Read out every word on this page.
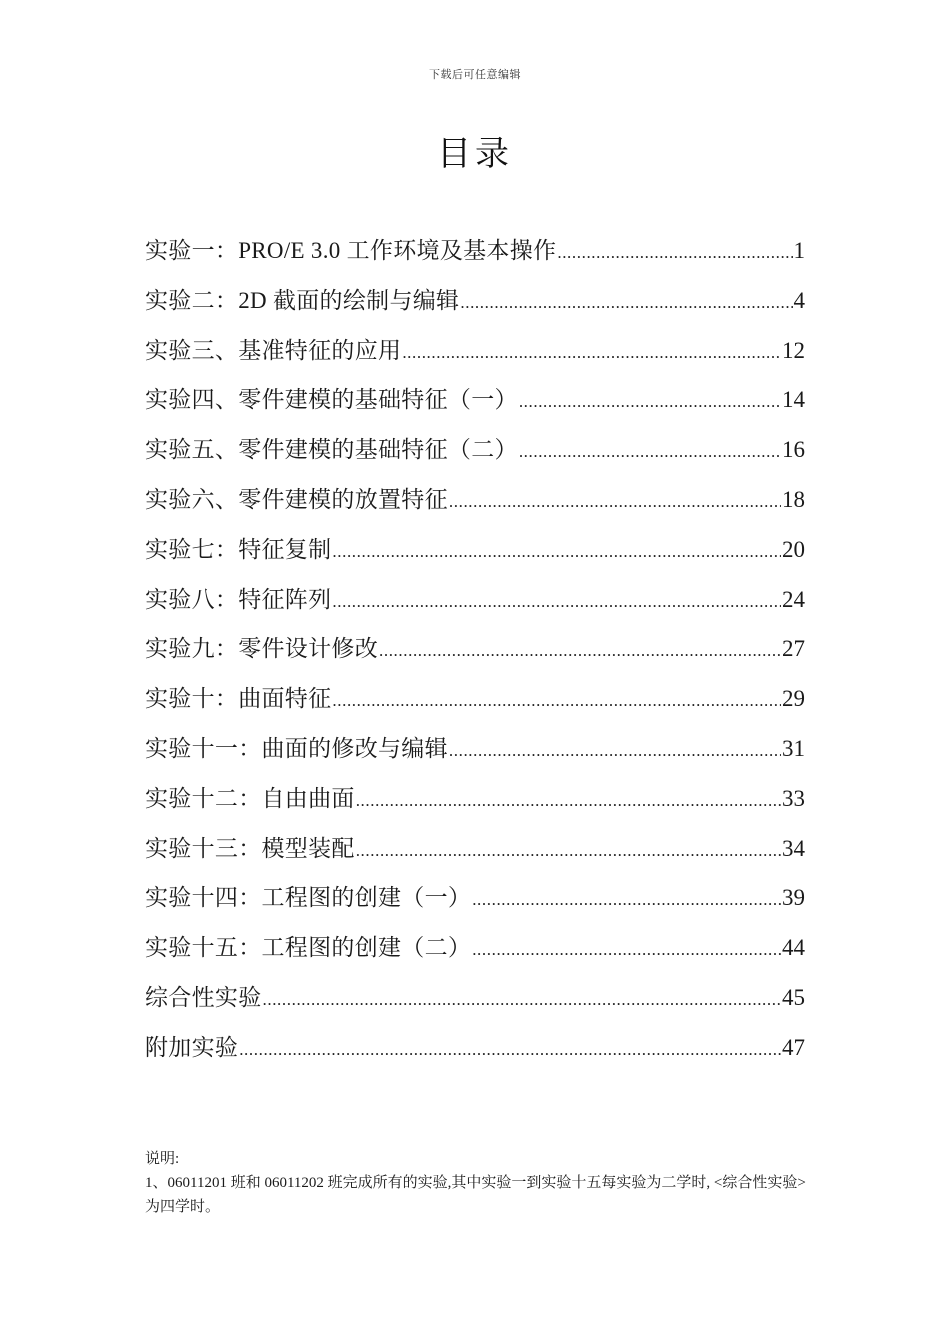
下载后可任意编辑
目录
实验一：PRO/E 3.0 工作环境及基本操作 .....	1
实验二：2D 截面的绘制与编辑 .....	4
实验三、基准特征的应用 .....	12
实验四、零件建模的基础特征（一） .....	14
实验五、零件建模的基础特征（二） .....	16
实验六、零件建模的放置特征 .....	18
实验七：特征复制 .....	20
实验八：特征阵列 .....	24
实验九：零件设计修改 .....	27
实验十：曲面特征 .....	29
实验十一：曲面的修改与编辑 .....	31
实验十二：自由曲面 .....	33
实验十三：模型装配 .....	34
实验十四：工程图的创建（一） .....	39
实验十五：工程图的创建（二） .....	44
综合性实验 .....	45
附加实验 .....	47

说明:

1、06011201 班和 06011202 班完成所有的实验,其中实验一到实验十五每实验为二学时, <综合性实验>为四学时。
